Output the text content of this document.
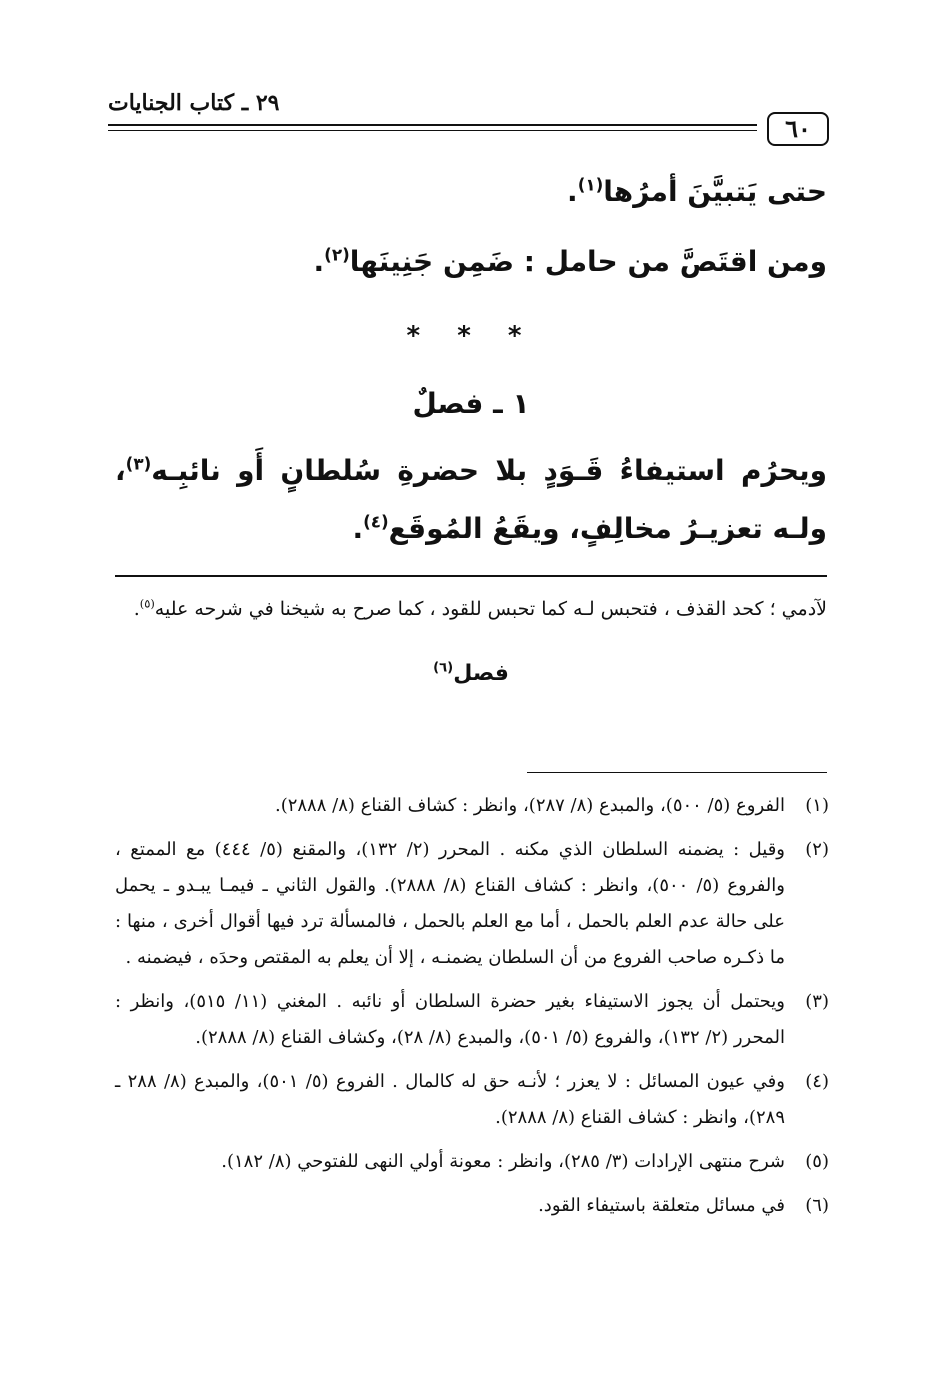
٦٠
٢٩ ـ كتاب الجنايات

حتى يَتبيَّنَ أمرُها$^{(١)}$.

ومن اقتَصَّ من حامل : ضَمِن جَنِينَها$^{(٢)}$.

* * *
١ ـ فصلٌ

ويحرُم استيفاءُ قَـوَدٍ بلا حضرةِ سُلطانٍ أَو نائبِـه$^{(٣)}$، ولـه تعزيـرُ مخالِفٍ، ويقَعُ المُوقَع$^{(٤)}$.

لآدمي ؛ كحد القذف ، فتحبس لـه كما تحبس للقود ، كما صرح به شيخنا في شرحه عليه$^{(٥)}$.

فصل$^{(٦)}$
(١)
الفروع (٥/ ٥٠٠)، والمبدع (٨/ ٢٨٧)، وانظر : كشاف القناع (٨/ ٢٨٨٨).
(٢)
وقيل : يضمنه السلطان الذي مكنه . المحرر (٢/ ١٣٢)، والمقنع (٥/ ٤٤٤) مع الممتع ، والفروع (٥/ ٥٠٠)، وانظر : كشاف القناع (٨/ ٢٨٨٨). والقول الثاني ـ فيمـا يبـدو ـ يحمل على حالة عدم العلم بالحمل ، أما مع العلم بالحمل ، فالمسألة ترد فيها أقوال أخرى ، منها : ما ذكـره صاحب الفروع من أن السلطان يضمنـه ، إلا أن يعلم به المقتص وحدَه ، فيضمنه .
(٣)
ويحتمل أن يجوز الاستيفاء بغير حضرة السلطان أو نائبه . المغني (١١/ ٥١٥)، وانظر : المحرر (٢/ ١٣٢)، والفروع (٥/ ٥٠١)، والمبدع (٨/ ٢٨)، وكشاف القناع (٨/ ٢٨٨٨).
(٤)
وفي عيون المسائل : لا يعزر ؛ لأنـه حق له كالمال . الفروع (٥/ ٥٠١)، والمبدع (٨/ ٢٨٨ ـ ٢٨٩)، وانظر : كشاف القناع (٨/ ٢٨٨٨).
(٥)
شرح منتهى الإرادات (٣/ ٢٨٥)، وانظر : معونة أولي النهى للفتوحي (٨/ ١٨٢).
(٦)
في مسائل متعلقة باستيفاء القود.
